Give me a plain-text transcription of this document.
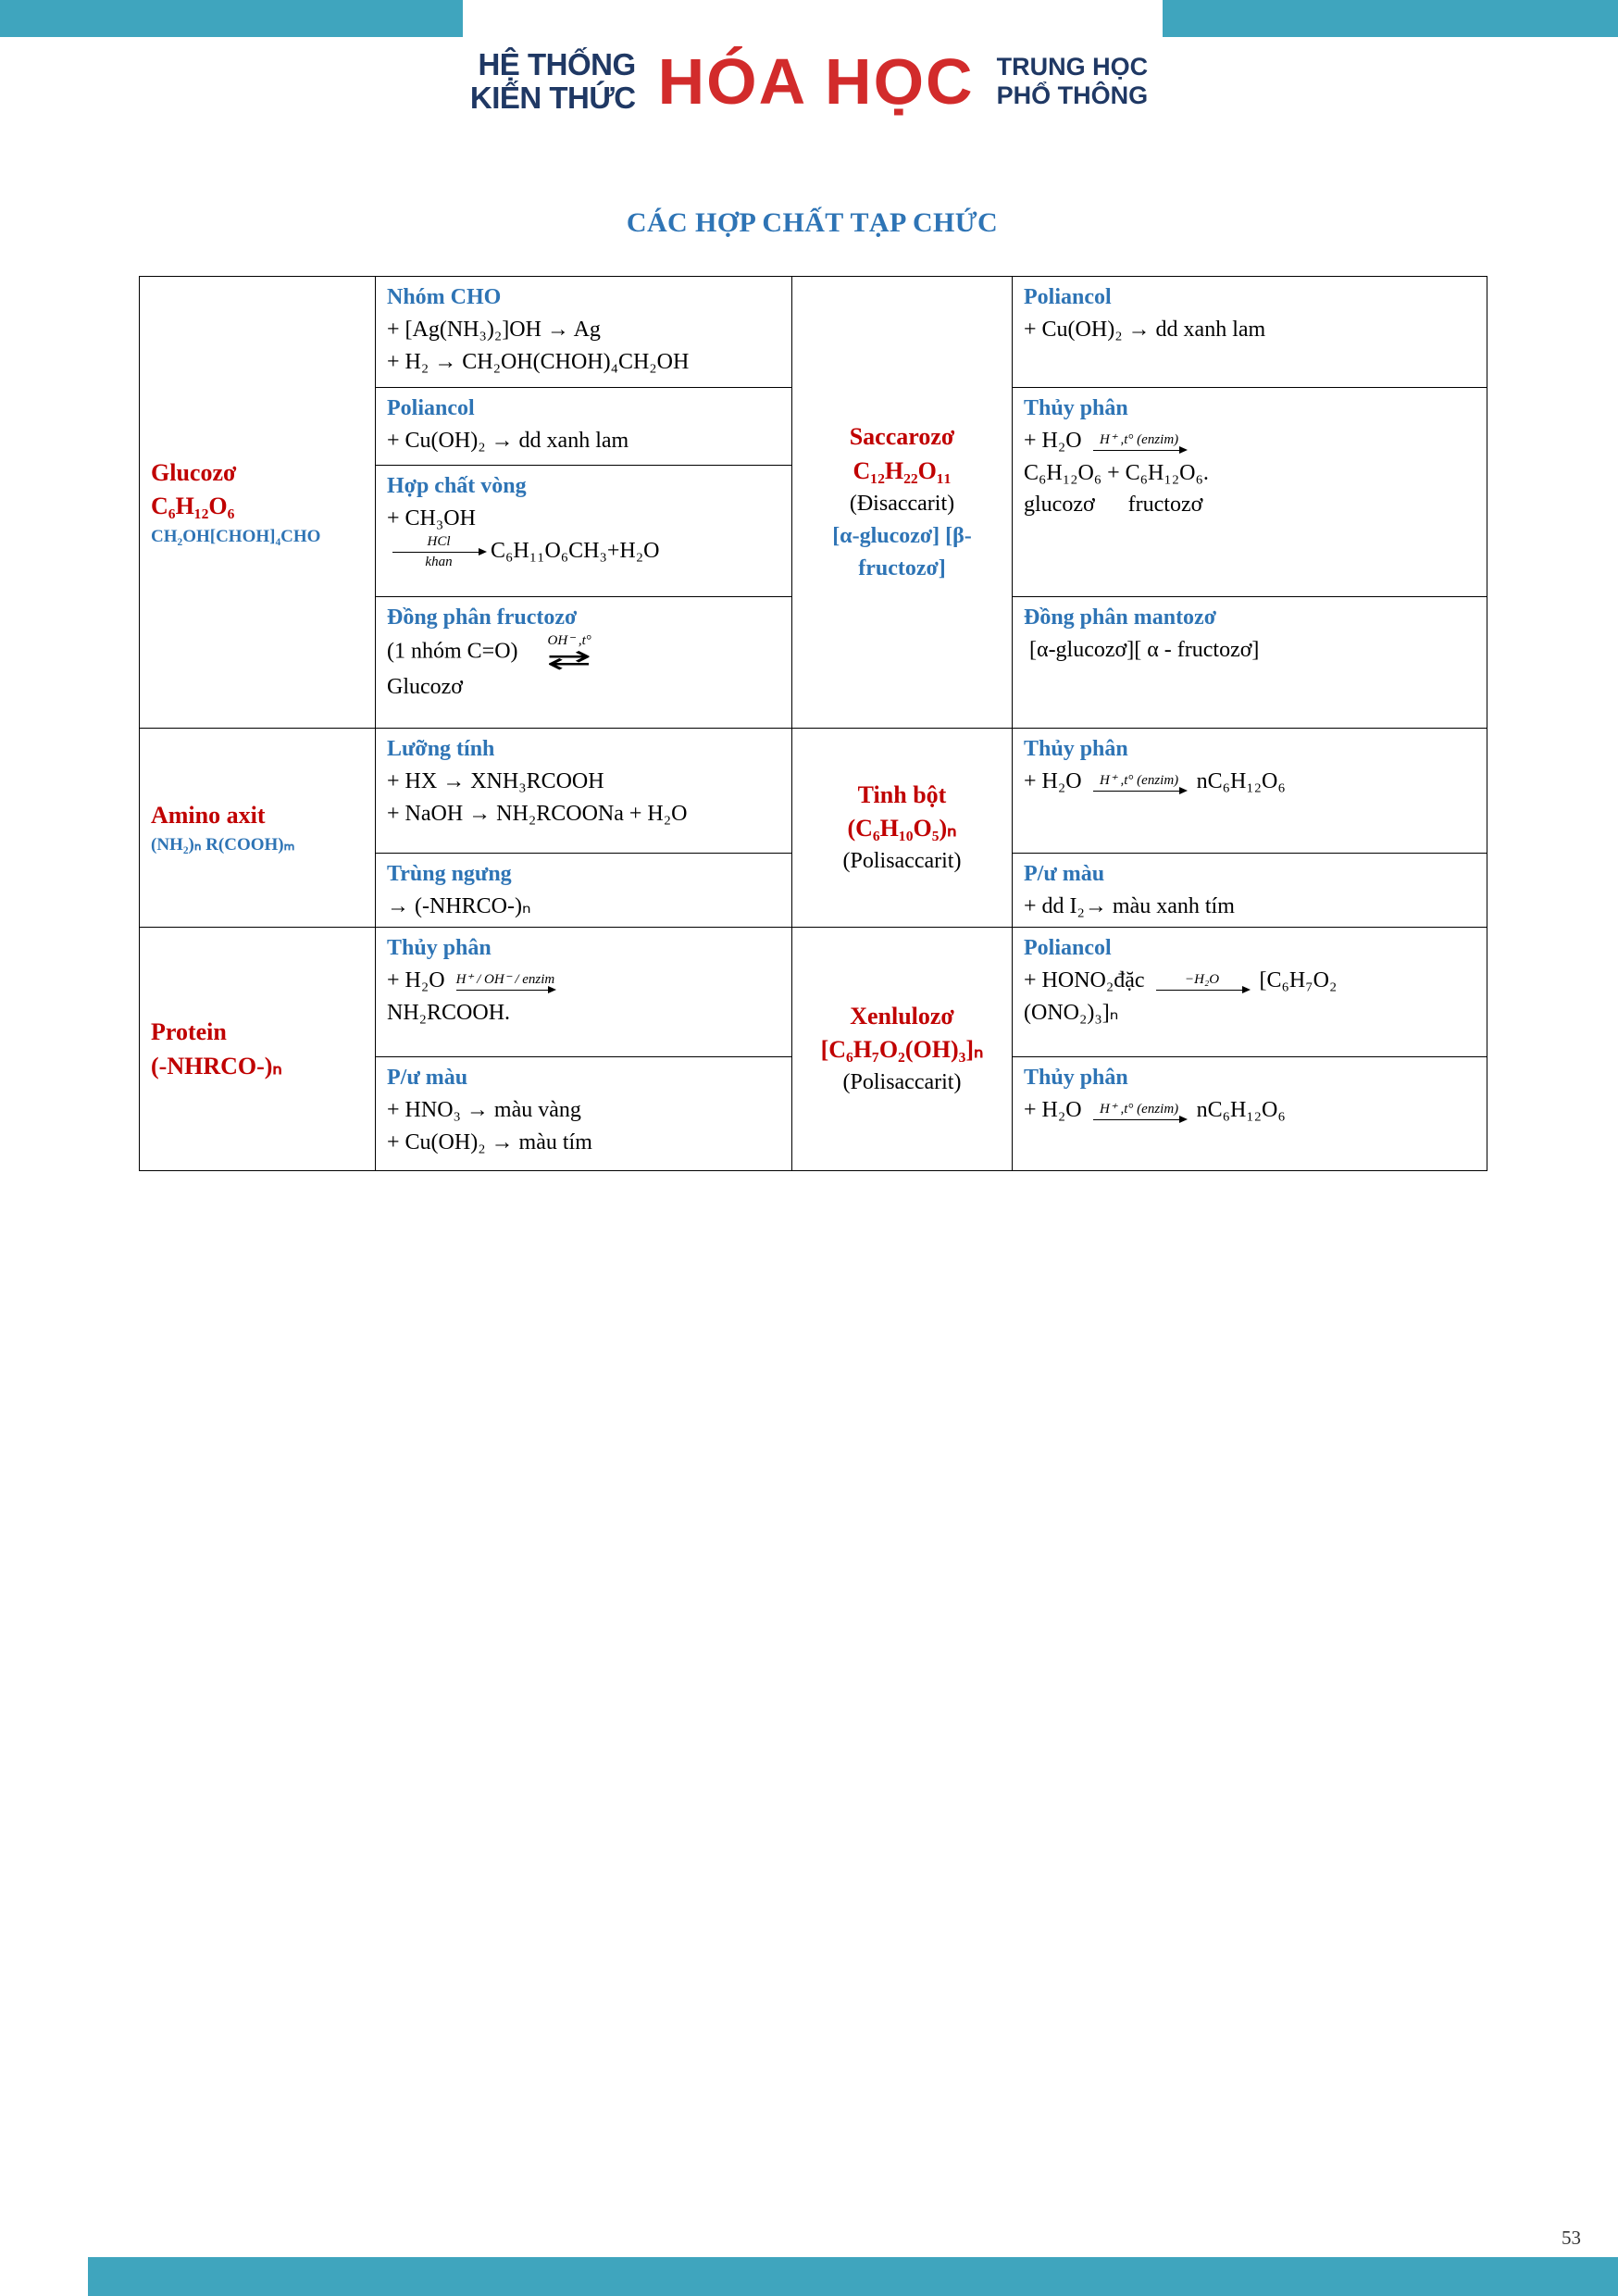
HỆ THỐNG
KIẾN THỨC HÓA HỌC TRUNG HỌC
PHỔ THÔNG
CÁC HỢP CHẤT TẠP CHỨC
Glucozơ
C₆H₁₂O₆
CH₂OH[CHOH]₄CHO
Nhóm CHO
+ [Ag(NH₃)₂]OH → Ag
+ H₂ → CH₂OH(CHOH)₄CH₂OH
Poliancol
+ Cu(OH)₂ → dd xanh lam
Hợp chất vòng
+ CH₃OH
HCl
khan C₆H₁₁O₆CH₃+H₂O
Đồng phân fructozơ
(1 nhóm C=O) OH⁻ ,t°
⇄
Glucozơ
Saccarozơ
C₁₂H₂₂O₁₁
(Đisaccarit)
[α-glucozơ] [β-fructozơ]
Poliancol
+ Cu(OH)₂ → dd xanh lam
Thủy phân
+ H₂O H⁺ ,t° (enzim)
C₆H₁₂O₆ + C₆H₁₂O₆.
glucozơ      fructozơ
Đồng phân mantozơ
[α-glucozơ][ α - fructozơ]
Amino axit
(NH₂)ₙ R(COOH)ₘ
Lưỡng tính
+ HX → XNH₃RCOOH
+ NaOH → NH₂RCOONa + H₂O
Trùng ngưng
→ (-NHRCO-)ₙ
Tinh bột
(C₆H₁₀O₅)ₙ
(Polisaccarit)
Thủy phân
+ H₂O H⁺ ,t° (enzim) nC₆H₁₂O₆
P/ư màu
+ dd I₂→ màu xanh tím
Protein
(-NHRCO-)ₙ
Thủy phân
+ H₂O H⁺ / OH⁻ / enzim
NH₂RCOOH.
P/ư màu
+ HNO₃ → màu vàng
+ Cu(OH)₂ → màu tím
Xenlulozơ
[C₆H₇O₂(OH)₃]ₙ
(Polisaccarit)
Poliancol
+ HONO₂đặc −H₂O [C₆H₇O₂
(ONO₂)₃]ₙ
Thủy phân
+ H₂O H⁺ ,t° (enzim) nC₆H₁₂O₆
53
